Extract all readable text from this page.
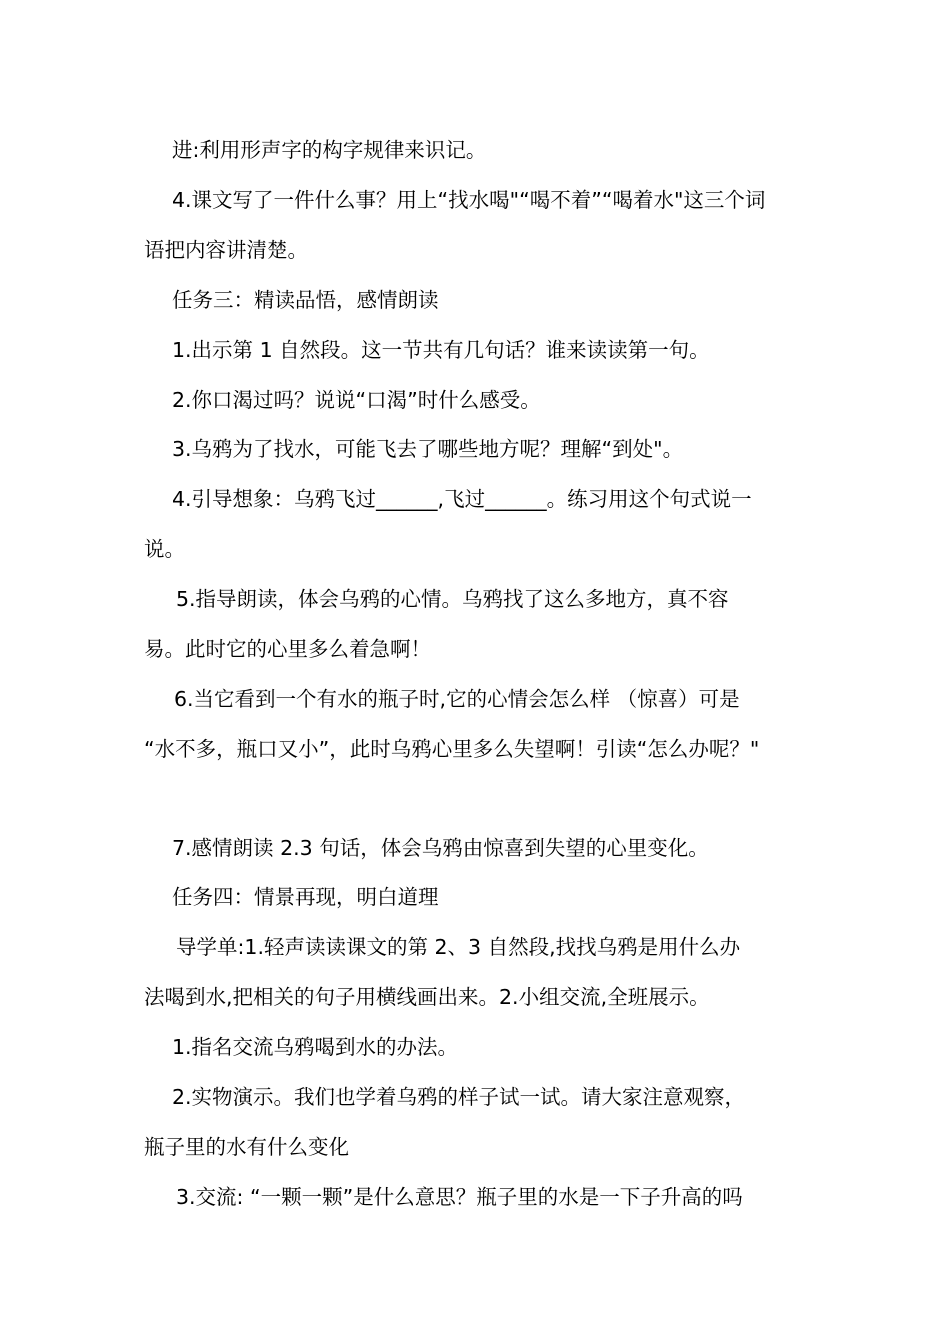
进:利用形声字的构字规律来识记。
4.课文写了一件什么事？用上“找水喝"“喝不着”“喝着水"这三个词
语把内容讲清楚。
任务三：精读品悟，感情朗读
1.出示第 1 自然段。这一节共有几句话？谁来读读第一句。
2.你口渴过吗？说说“口渴”时什么感受。
3.乌鸦为了找水，可能飞去了哪些地方呢？理解“到处"。
4.引导想象：乌鸦飞过______,飞过______。练习用这个句式说一
说。
5.指导朗读，体会乌鸦的心情。乌鸦找了这么多地方，真不容
易。此时它的心里多么着急啊！
6.当它看到一个有水的瓶子时,它的心情会怎么样 （惊喜）可是
“水不多，瓶口又小”，此时乌鸦心里多么失望啊！引读“怎么办呢？"
7.感情朗读 2.3 句话，体会乌鸦由惊喜到失望的心里变化。
任务四：情景再现，明白道理
导学单:1.轻声读读课文的第 2、3 自然段,找找乌鸦是用什么办
法喝到水,把相关的句子用横线画出来。2.小组交流,全班展示。
1.指名交流乌鸦喝到水的办法。
2.实物演示。我们也学着乌鸦的样子试一试。请大家注意观察，
瓶子里的水有什么变化
3.交流: “一颗一颗”是什么意思？瓶子里的水是一下子升高的吗
